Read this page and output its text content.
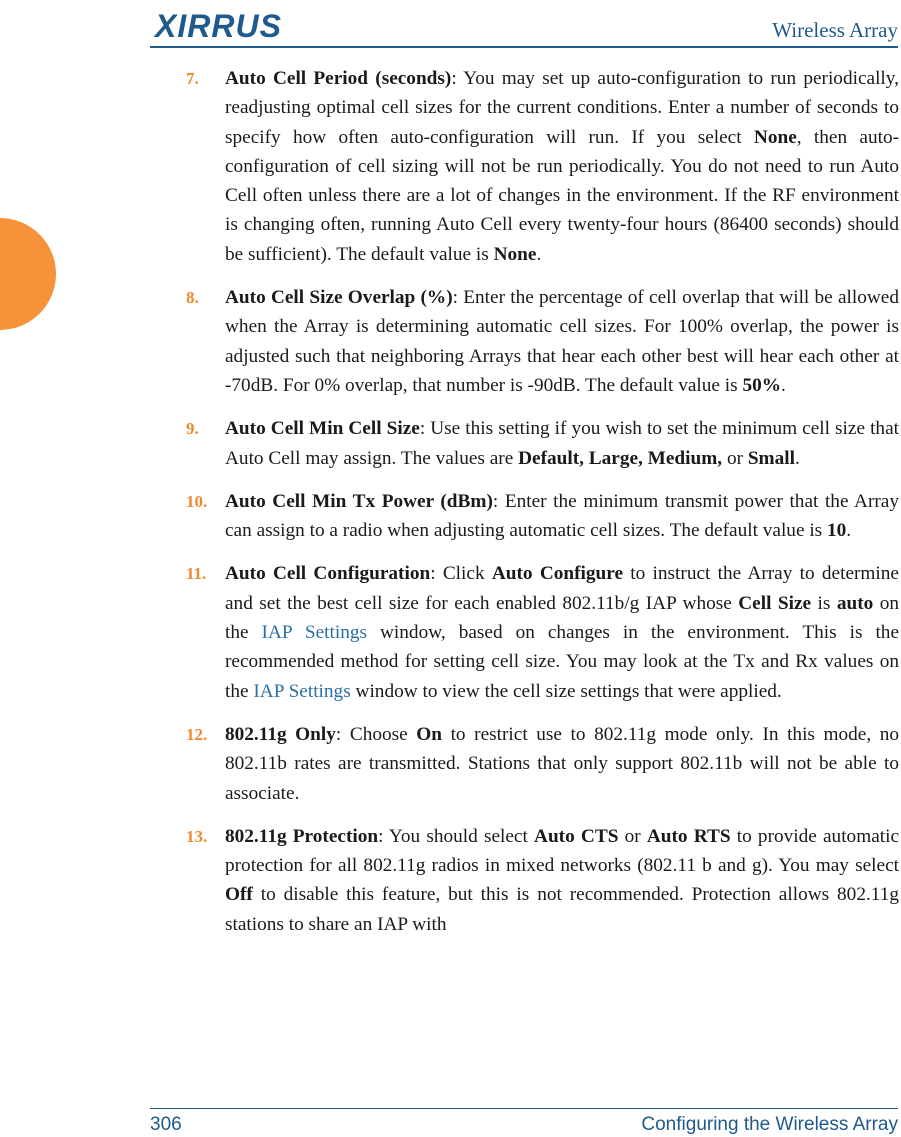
XIRRUS	Wireless Array
7.	Auto Cell Period (seconds): You may set up auto-configuration to run periodically, readjusting optimal cell sizes for the current conditions. Enter a number of seconds to specify how often auto-configuration will run. If you select None, then auto-configuration of cell sizing will not be run periodically. You do not need to run Auto Cell often unless there are a lot of changes in the environment. If the RF environment is changing often, running Auto Cell every twenty-four hours (86400 seconds) should be sufficient). The default value is None.
8.	Auto Cell Size Overlap (%): Enter the percentage of cell overlap that will be allowed when the Array is determining automatic cell sizes. For 100% overlap, the power is adjusted such that neighboring Arrays that hear each other best will hear each other at -70dB. For 0% overlap, that number is -90dB. The default value is 50%.
9.	Auto Cell Min Cell Size: Use this setting if you wish to set the minimum cell size that Auto Cell may assign. The values are Default, Large, Medium, or Small.
10. Auto Cell Min Tx Power (dBm): Enter the minimum transmit power that the Array can assign to a radio when adjusting automatic cell sizes. The default value is 10.
11. Auto Cell Configuration: Click Auto Configure to instruct the Array to determine and set the best cell size for each enabled 802.11b/g IAP whose Cell Size is auto on the IAP Settings window, based on changes in the environment. This is the recommended method for setting cell size. You may look at the Tx and Rx values on the IAP Settings window to view the cell size settings that were applied.
12. 802.11g Only: Choose On to restrict use to 802.11g mode only. In this mode, no 802.11b rates are transmitted. Stations that only support 802.11b will not be able to associate.
13. 802.11g Protection: You should select Auto CTS or Auto RTS to provide automatic protection for all 802.11g radios in mixed networks (802.11 b and g). You may select Off to disable this feature, but this is not recommended. Protection allows 802.11g stations to share an IAP with
306	Configuring the Wireless Array
